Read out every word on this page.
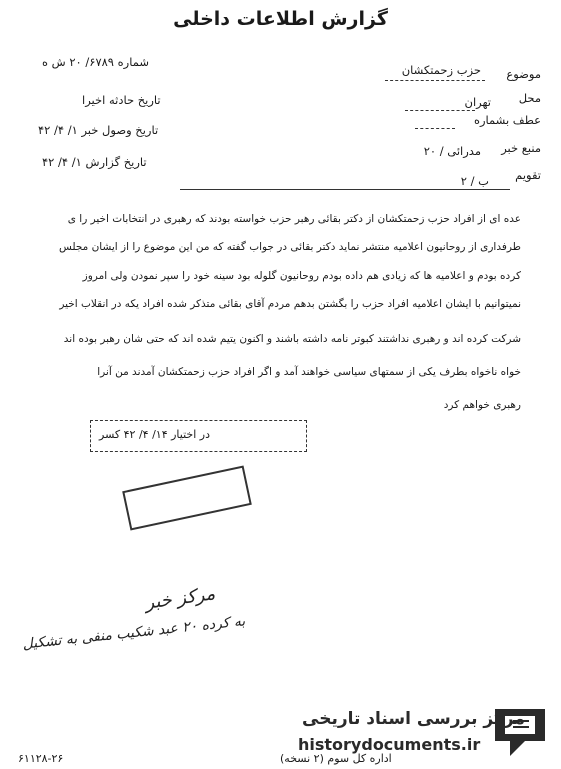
گزارش اطلاعات داخلی
شماره ۶۷۸۹/ ۲۰ ش ه
تاریخ حادثه اخیرا
تاریخ وصول خبر ۱/ ۴/ ۴۲
تاریخ گزارش ۱/ ۴/ ۴۲
موضوع
حزب زحمتکشان
محل
تهران
عطف بشماره
منبع خبر
مدرائی / ۲۰
تقویم
ب / ۲
عده ای از افراد حزب زحمتکشان از دکتر بقائی رهبر حزب خواسته بودند که رهبری در انتخابات اخیر را ی
طرفداری از روحانیون اعلامیه منتشر نماید دکتر بقائی در جواب گفته که من این موضوع را از ایشان مجلس
کرده بودم و اعلامیه ها که زیادی هم داده بودم روحانیون گلوله بود سینه خود را سپر نمودن ولی امروز
نمیتوانیم با ایشان اعلامیه افراد حزب را بگشتن بدهم مردم آقای بقائی متذکر شده افراد یکه در انقلاب اخیر
شرکت کرده اند و رهبری نداشتند کبوتر نامه داشته باشند و اکنون یتیم شده اند که حتی شان رهبر بوده اند
خواه ناخواه بطرف یکی از سمتهای سیاسی خواهند آمد و اگر افراد حزب زحمتکشان آمدند من آنرا
رهبری خواهم کرد
در اختیار ۱۴/ ۴/ ۴۲ کسر
مرکز خبر
به کرده ۲۰ عبد شکیب منفی به تشکیل
مرکز بررسی اسناد تاریخی
historydocuments.ir
۶۱۱۲۸-۲۶	اداره کل سوم (۲ نسخه)
